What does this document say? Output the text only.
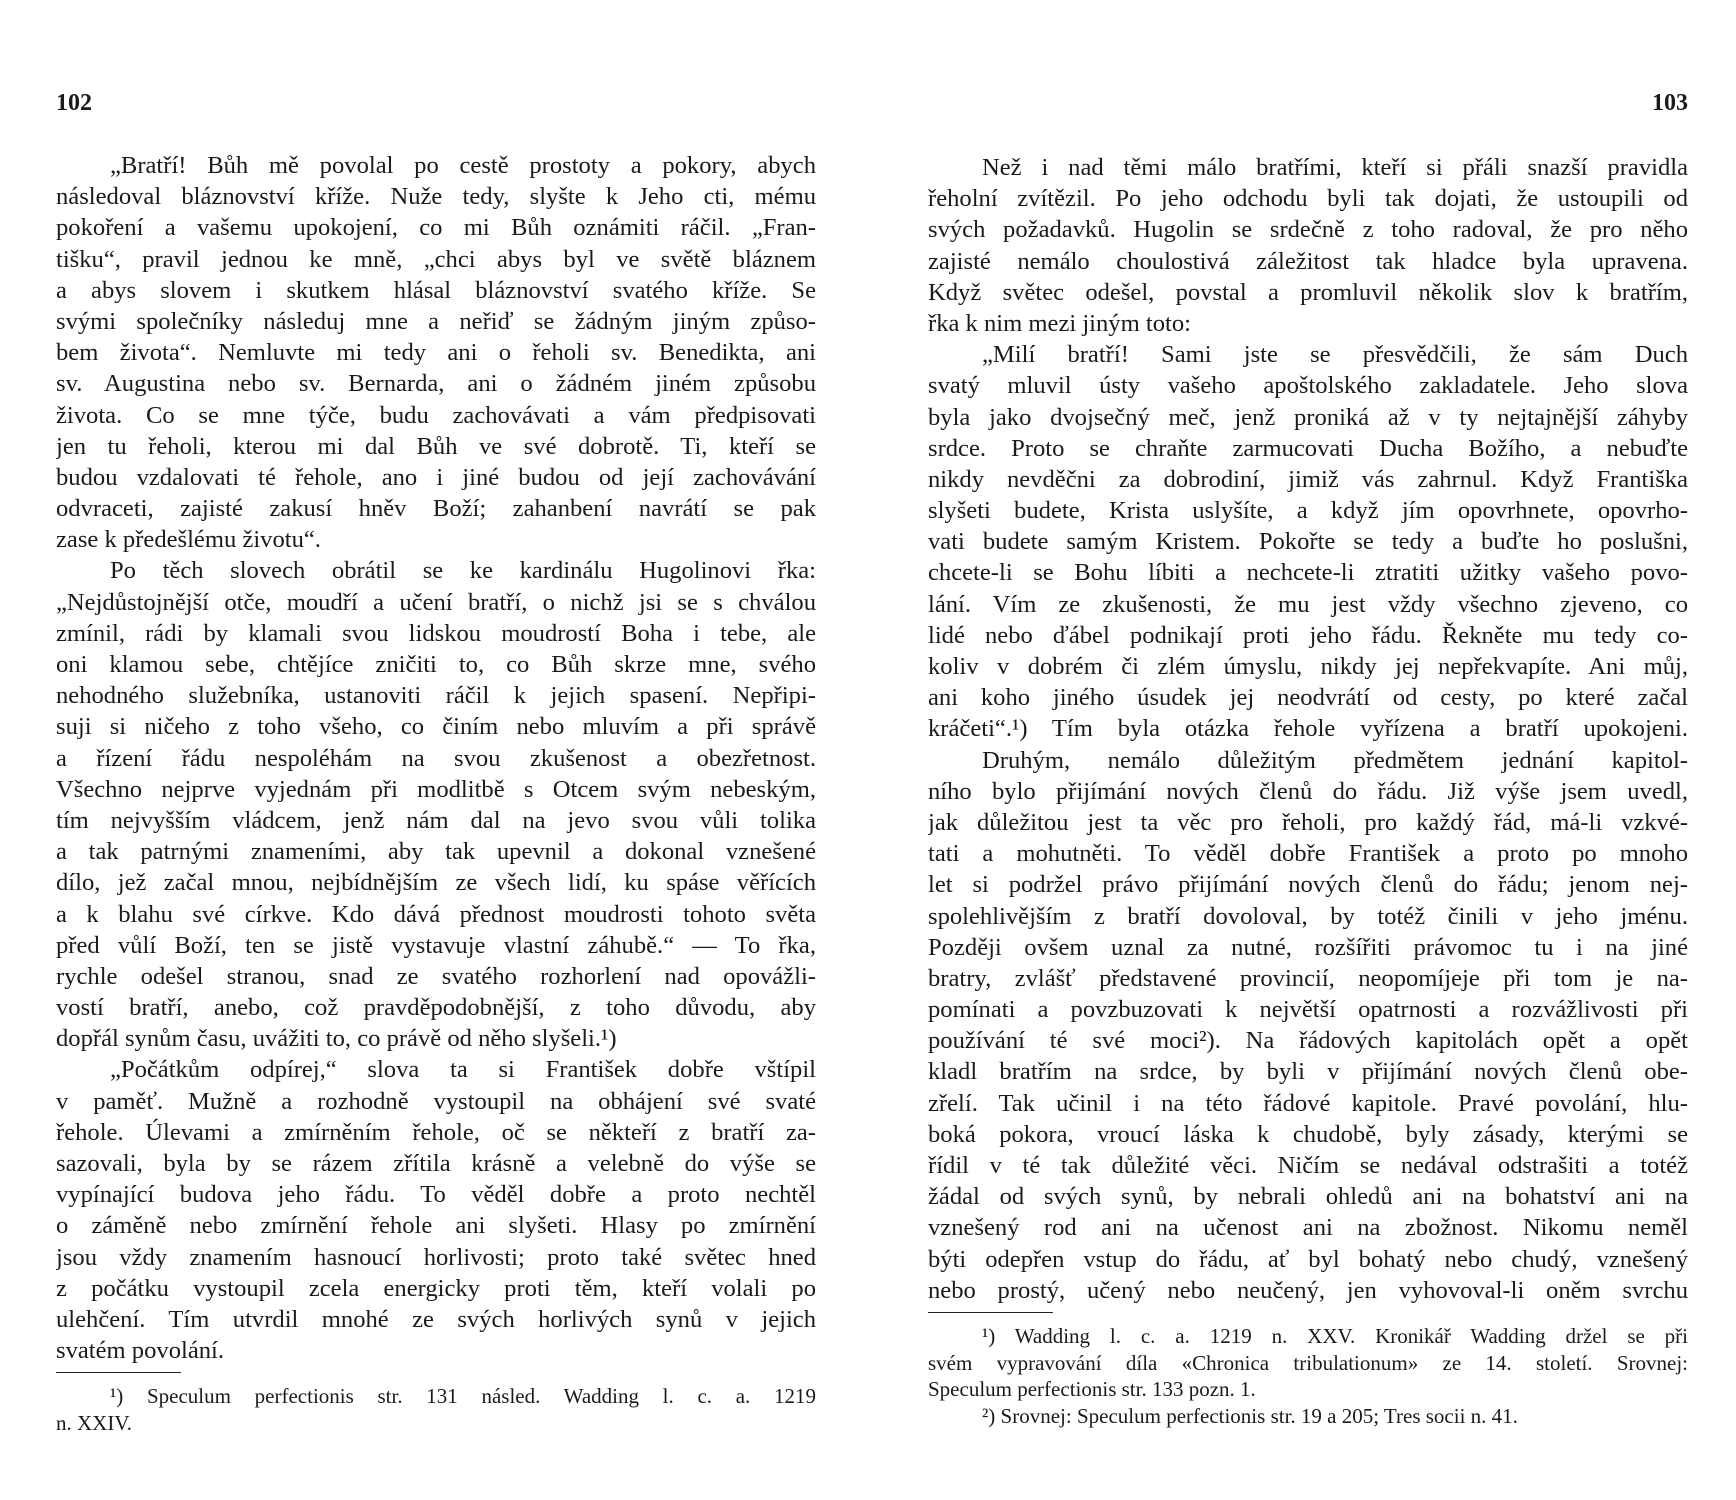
102
„Bratří! Bůh mě povolal po cestě prostoty a pokory, abych
následoval bláznovství kříže. Nuže tedy, slyšte k Jeho cti, mému
pokoření a vašemu upokojení, co mi Bůh oznámiti ráčil. „Fran-
tišku“, pravil jednou ke mně, „chci abys byl ve světě bláznem
a abys slovem i skutkem hlásal bláznovství svatého kříže. Se
svými společníky následuj mne a neřiď se žádným jiným způso-
bem života“. Nemluvte mi tedy ani o řeholi sv. Benedikta, ani
sv. Augustina nebo sv. Bernarda, ani o žádném jiném způsobu
života. Co se mne týče, budu zachovávati a vám předpisovati
jen tu řeholi, kterou mi dal Bůh ve své dobrotě. Ti, kteří se
budou vzdalovati té řehole, ano i jiné budou od její zachovávání
odvraceti, zajisté zakusí hněv Boží; zahanbení navrátí se pak
zase k předešlému životu“.
Po těch slovech obrátil se ke kardinálu Hugolinovi řka:
„Nejdůstojnější otče, moudří a učení bratří, o nichž jsi se s chválou
zmínil, rádi by klamali svou lidskou moudrostí Boha i tebe, ale
oni klamou sebe, chtějíce zničiti to, co Bůh skrze mne, svého
nehodného služebníka, ustanoviti ráčil k jejich spasení. Nepřipi-
suji si ničeho z toho všeho, co činím nebo mluvím a při správě
a řízení řádu nespoléhám na svou zkušenost a obezřetnost.
Všechno nejprve vyjednám při modlitbě s Otcem svým nebeským,
tím nejvyšším vládcem, jenž nám dal na jevo svou vůli tolika
a tak patrnými znameními, aby tak upevnil a dokonal vznešené
dílo, jež začal mnou, nejbídnějším ze všech lidí, ku spáse věřících
a k blahu své církve. Kdo dává přednost moudrosti tohoto světa
před vůlí Boží, ten se jistě vystavuje vlastní záhubě.“ — To řka,
rychle odešel stranou, snad ze svatého rozhorlení nad opovážli-
vostí bratří, anebo, což pravděpodobnější, z toho důvodu, aby
dopřál synům času, uvážiti to, co právě od něho slyšeli.¹)
„Počátkům odpírej,“ slova ta si František dobře vštípil
v paměť. Mužně a rozhodně vystoupil na obhájení své svaté
řehole. Úlevami a zmírněním řehole, oč se někteří z bratří za-
sazovali, byla by se rázem zřítila krásně a velebně do výše se
vypínající budova jeho řádu. To věděl dobře a proto nechtěl
o záměně nebo zmírnění řehole ani slyšeti. Hlasy po zmírnění
jsou vždy znamením hasnoucí horlivosti; proto také světec hned
z počátku vystoupil zcela energicky proti těm, kteří volali po
ulehčení. Tím utvrdil mnohé ze svých horlivých synů v jejich
svatém povolání.
¹) Speculum perfectionis str. 131 násled. Wadding l. c. a. 1219
n. XXIV.
103
Než i nad těmi málo bratřími, kteří si přáli snazší pravidla
řeholní zvítězil. Po jeho odchodu byli tak dojati, že ustoupili od
svých požadavků. Hugolin se srdečně z toho radoval, že pro něho
zajisté nemálo choulostivá záležitost tak hladce byla upravena.
Když světec odešel, povstal a promluvil několik slov k bratřím,
řka k nim mezi jiným toto:
„Milí bratří! Sami jste se přesvědčili, že sám Duch
svatý mluvil ústy vašeho apoštolského zakladatele. Jeho slova
byla jako dvojsečný meč, jenž proniká až v ty nejtajnější záhyby
srdce. Proto se chraňte zarmucovati Ducha Božího, a nebuďte
nikdy nevděčni za dobrodiní, jimiž vás zahrnul. Když Františka
slyšeti budete, Krista uslyšíte, a když jím opovrhnete, opovrho-
vati budete samým Kristem. Pokořte se tedy a buďte ho poslušni,
chcete-li se Bohu líbiti a nechcete-li ztratiti užitky vašeho povo-
lání. Vím ze zkušenosti, že mu jest vždy všechno zjeveno, co
lidé nebo ďábel podnikají proti jeho řádu. Řekněte mu tedy co-
koliv v dobrém či zlém úmyslu, nikdy jej nepřekvapíte. Ani můj,
ani koho jiného úsudek jej neodvrátí od cesty, po které začal
kráčeti“.¹) Tím byla otázka řehole vyřízena a bratří upokojeni.
Druhým, nemálo důležitým předmětem jednání kapitol-
ního bylo přijímání nových členů do řádu. Již výše jsem uvedl,
jak důležitou jest ta věc pro řeholi, pro každý řád, má-li vzkvé-
tati a mohutněti. To věděl dobře František a proto po mnoho
let si podržel právo přijímání nových členů do řádu; jenom nej-
spolehlivějším z bratří dovoloval, by totéž činili v jeho jménu.
Později ovšem uznal za nutné, rozšířiti právomoc tu i na jiné
bratry, zvlášť představené provincií, neopomíjeje při tom je na-
pomínati a povzbuzovati k největší opatrnosti a rozvážlivosti při
používání té své moci²). Na řádových kapitolách opět a opět
kladl bratřím na srdce, by byli v přijímání nových členů obe-
zřelí. Tak učinil i na této řádové kapitole. Pravé povolání, hlu-
boká pokora, vroucí láska k chudobě, byly zásady, kterými se
řídil v té tak důležité věci. Ničím se nedával odstrašiti a totéž
žádal od svých synů, by nebrali ohledů ani na bohatství ani na
vznešený rod ani na učenost ani na zbožnost. Nikomu neměl
býti odepřen vstup do řádu, ať byl bohatý nebo chudý, vznešený
nebo prostý, učený nebo neučený, jen vyhovoval-li oněm svrchu
¹) Wadding l. c. a. 1219 n. XXV. Kronikář Wadding držel se při
svém vypravování díla «Chronica tribulationum» ze 14. století. Srovnej:
Speculum perfectionis str. 133 pozn. 1.
²) Srovnej: Speculum perfectionis str. 19 a 205; Tres socii n. 41.
